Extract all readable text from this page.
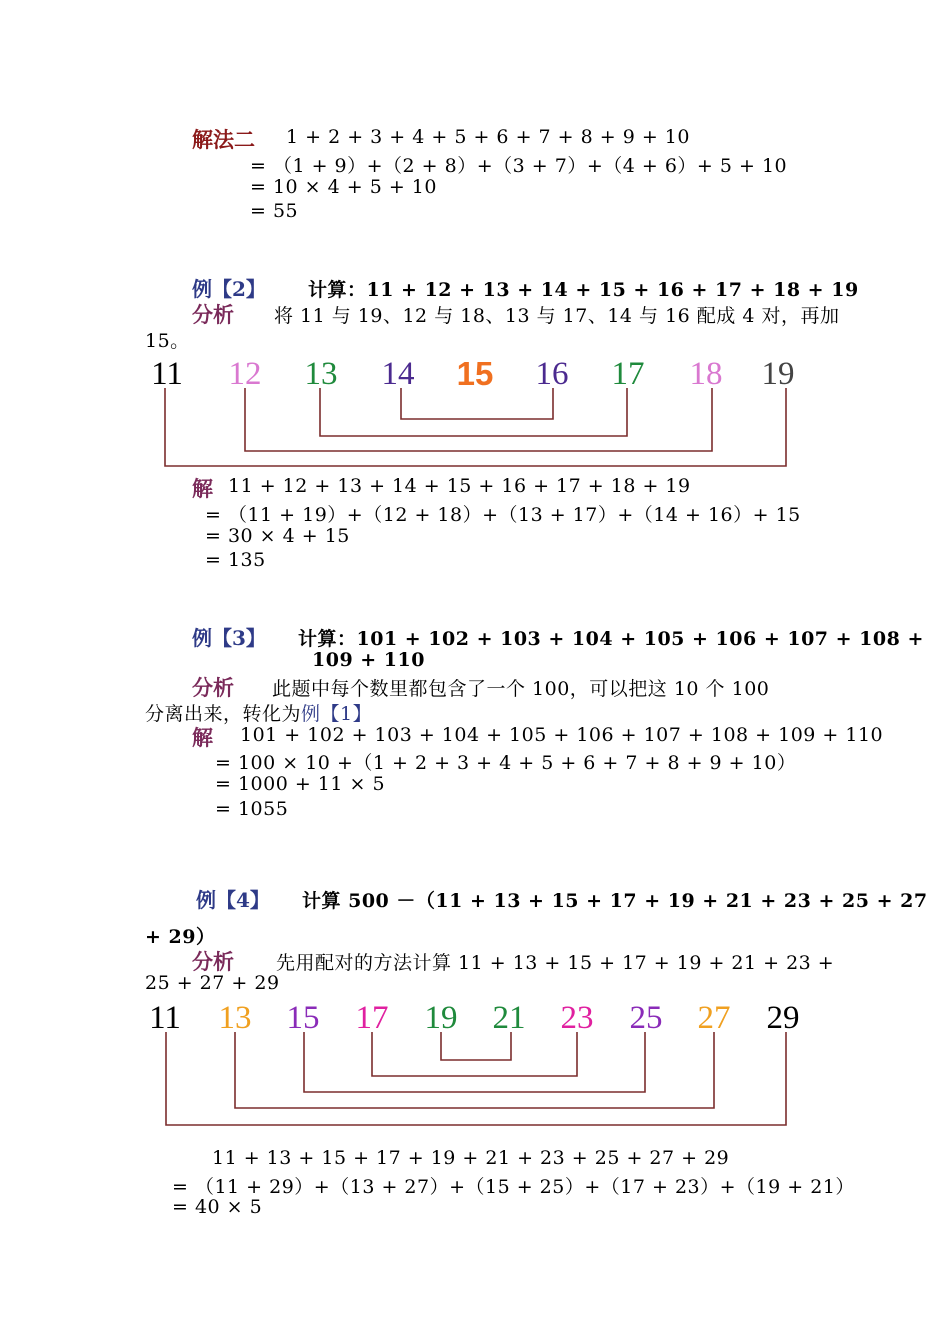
解法二 1 + 2 + 3 + 4 + 5 + 6 + 7 + 8 + 9 + 10
= （1 + 9）+（2 + 8）+（3 + 7）+（4 + 6）+ 5 + 10
= 10 × 4 + 5 + 10
= 55
例【2】 计算：11 + 12 + 13 + 14 + 15 + 16 + 17 + 18 + 19
分析 将 11 与 19、12 与 18、13 与 17、14 与 16 配成 4 对，再加
15。
11 12 13 14 15 16 17 18 19
解 11 + 12 + 13 + 14 + 15 + 16 + 17 + 18 + 19
= （11 + 19）+（12 + 18）+（13 + 17）+（14 + 16）+ 15
= 30 × 4 + 15
= 135
例【3】 计算：101 + 102 + 103 + 104 + 105 + 106 + 107 + 108 +
109 + 110
分析 此题中每个数里都包含了一个 100，可以把这 10 个 100
分离出来，转化为例【1】
解 101 + 102 + 103 + 104 + 105 + 106 + 107 + 108 + 109 + 110
= 100 × 10 +（1 + 2 + 3 + 4 + 5 + 6 + 7 + 8 + 9 + 10）
= 1000 + 11 × 5
= 1055
例【4】 计算 500 －（11 + 13 + 15 + 17 + 19 + 21 + 23 + 25 + 27
+ 29）
分析 先用配对的方法计算 11 + 13 + 15 + 17 + 19 + 21 + 23 +
25 + 27 + 29
11 13 15 17 19 21 23 25 27 29
11 + 13 + 15 + 17 + 19 + 21 + 23 + 25 + 27 + 29
= （11 + 29）+（13 + 27）+（15 + 25）+（17 + 23）+（19 + 21）
= 40 × 5
